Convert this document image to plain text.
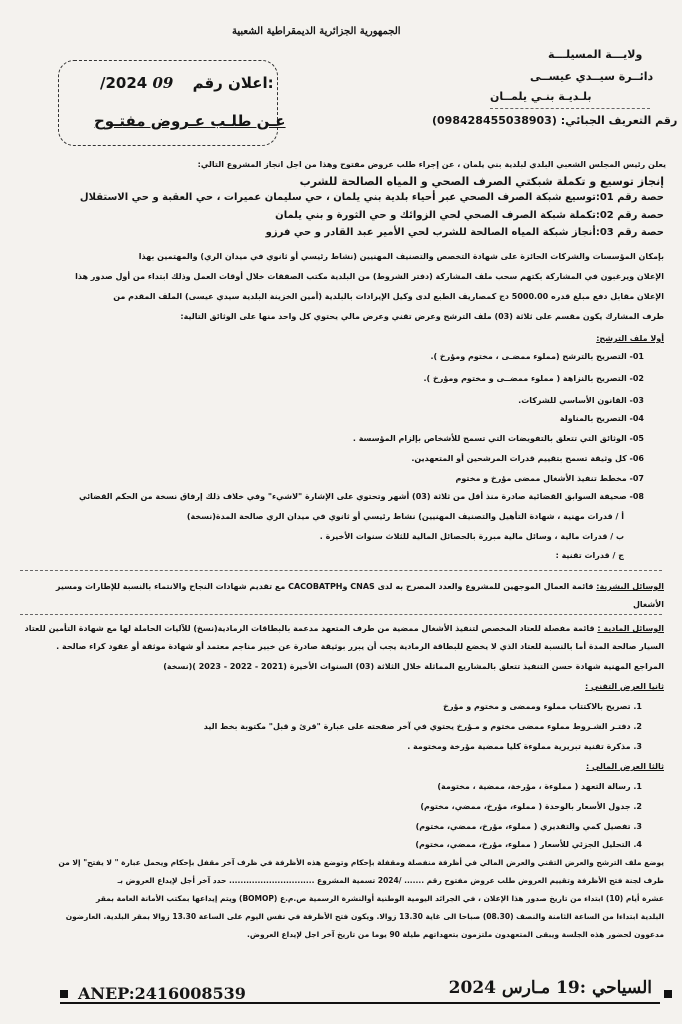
الجمهورية الجزائرية الديمقراطية الشعبية
ولايـــة المسيلـــة
دائــرة سيــدي عيســى
بلـديـة بنـي يلمــان
رقم التعريف الجبائي: (098428455038903)
/2024 09 اعلان رقم:
عـن طلـب عـروض مفتـوح
يعلن رئيس المجلس الشعبي البلدي لبلدية بني يلمان ، عن إجراء طلب عروض مفتوح وهذا من اجل انجاز المشروع التالي:
إنجاز توسيع و تكملة شبكتي الصرف الصحي و المياه الصالحة للشرب
حصة رقم 01:توسيع شبكة الصرف الصحي عبر أحياء بلدية بني يلمان ، حي سليمان عميرات ، حي العقبة و حي الاستقلال
حصة رقم 02:تكملة شبكة الصرف الصحي لحي الزوائك و حي الثورة و بني يلمان
حصة رقم 03:أنجاز شبكة المياه الصالحة للشرب لحي الأمير عبد القادر و حي فرزو
بإمكان المؤسسات والشركات الحائزة على شهادة التخصص والتصنيف المهنيين (نشاط رئيسي أو ثانوي في ميدان الري) والمهتمين بهذا
الإعلان ويرغبون في المشاركة بكتهم سحب ملف المشاركة (دفتر الشروط) من البلدية مكتب الصفقات خلال أوقات العمل وذلك ابتداء من أول صدور هذا
الإعلان مقابل دفع مبلغ قدره 5000.00 دج كمصاريف الطبع لدى وكيل الإيرادات بالبلدية (أمين الخزينة البلدية سيدي عيسى) الملف المقدم من
طرف المشارك يكون مقسم على ثلاثة (03) ملف الترشح وعرض تقني وعرض مالي يحتوي كل واحد منها على الوثائق التالية:
أولا ملف الترشح:
01- التصريح بالترشح (مملوء ممضـى ، مختوم ومؤرخ ).
02- التصريح بالنزاهة ( مملوء ممضــى و مختوم ومؤرخ ).
03- القانون الأساسي للشركات.
04- التصريح بالمناولة
05- الوثائق التي تتعلق بالتفويضات التي تسمح للأشخاص بإلزام المؤسسة .
06- كل وثيقة تسمح بتقييم قدرات المرشحين أو المتعهدين.
07- مخطط تنفيذ الأشغال ممضى مؤرخ و مختوم
08- صحيفة السوابق القضائية صادرة منذ أقل من ثلاثة (03) أشهر وتحتوي على الإشارة "لاشيء" وفي خلاف ذلك إرفاق نسخة من الحكم القضائي
أ / قدرات مهنية ، شهادة التأهيل والتصنيف المهنيين) نشاط رئيسي أو ثانوي في ميدان الري صالحة المدة(نسخة)
ب / قدرات مالية ، وسائل مالية مبررة بالحصائل المالية للثلاث سنوات الأخيرة .
ج / قدرات تقنية :
الوسائل البشرية: قائمة العمال الموجهين للمشروع والعدد المصرح به لدى CNAS وCACOBATPH مع تقديم شهادات النجاح والانتماء بالنسبة للإطارات ومسير
الأشغال
الوسائل المادية : قائمة مفصلة للعتاد المخصص لتنفيذ الأشغال ممضية من طرف المتعهد مدعمة بالبطاقات الرمادية(نسخ) للآليات الحاملة لها مع شهادة التأمين للعتاد
السيار صالحة المدة أما بالنسبة للعتاد الذي لا يخضع للبطاقة الرمادية يجب أن يبرر بوثيقة صادرة عن خبير مناجم معتمد أو شهادة موثقة أو عقود كراء صالحة .
المراجع المهنية شهادة حسن التنفيذ تتعلق بالمشاريع المماثلة خلال الثلاثة (03) السنوات الأخيرة (2021 - 2022 - 2023 )(نسخة)
ثانيا العرض التقني :
1. تصريح بالاكتتاب مملوء وممضى و مختوم و مؤرخ
2. دفتـر الشـروط مملوء ممضى مختوم و مـؤرخ يحتوي في آخر صفحته على عبارة "قرئ و قبل" مكتوبة بخط اليد
3. مذكرة تقنية تبريرية مملوءة كليا ممضية مؤرخة ومختومة .
ثالثا العرض المالي :
1. رسالة التعهد ( مملوءة ، مؤرخة، ممضية ، مختومة)
2. جدول الأسعار بالوحدة ( مملوء، مؤرخ، ممضي، مختوم)
3. تفصيل كمي والتقديري ( مملوء، مؤرخ، ممضي، مختوم)
4. التحليل الجزئي للأسعار ( مملوء، مؤرخ، ممضي، مختوم)
يوضع ملف الترشح والعرض التقني والعرض المالي في أظرفة منفصلة ومقفلة بإحكام وتوضع هذه الأظرفة في ظرف آخر مقفل بإحكام ويحمل عبارة " لا يفتح" إلا من
طرف لجنة فتح الأظرفة وتقييم العروض طلب عروض مفتوح رقم ....... /2024 تسمية المشروع .............................. حدد آخر أجل لإيداع العروض بـ
عشرة أيام (10) ابتداء من تاريخ صدور هذا الإعلان ، في الجرائد اليومية الوطنية أوالنشرة الرسمية ص.م.ع (BOMOP) ويتم إيداعها بمكتب الأمانة العامة بمقر
البلدية ابتداءا من الساعة الثامنة والنصف (08.30) صباحا الى غاية 13.30 زوالا. ويكون فتح الأظرفة في نفس اليوم على الساعة 13.30 زوالا بمقر البلدية. العارضون
مدعوون لحضور هذه الجلسة ويبقى المتعهدون ملتزمون بتعهداتهم طيلة 90 يوما من تاريخ آخر اجل لإيداع العروض.
السياحي :19 مـارس 2024
ANEP:2416008539
